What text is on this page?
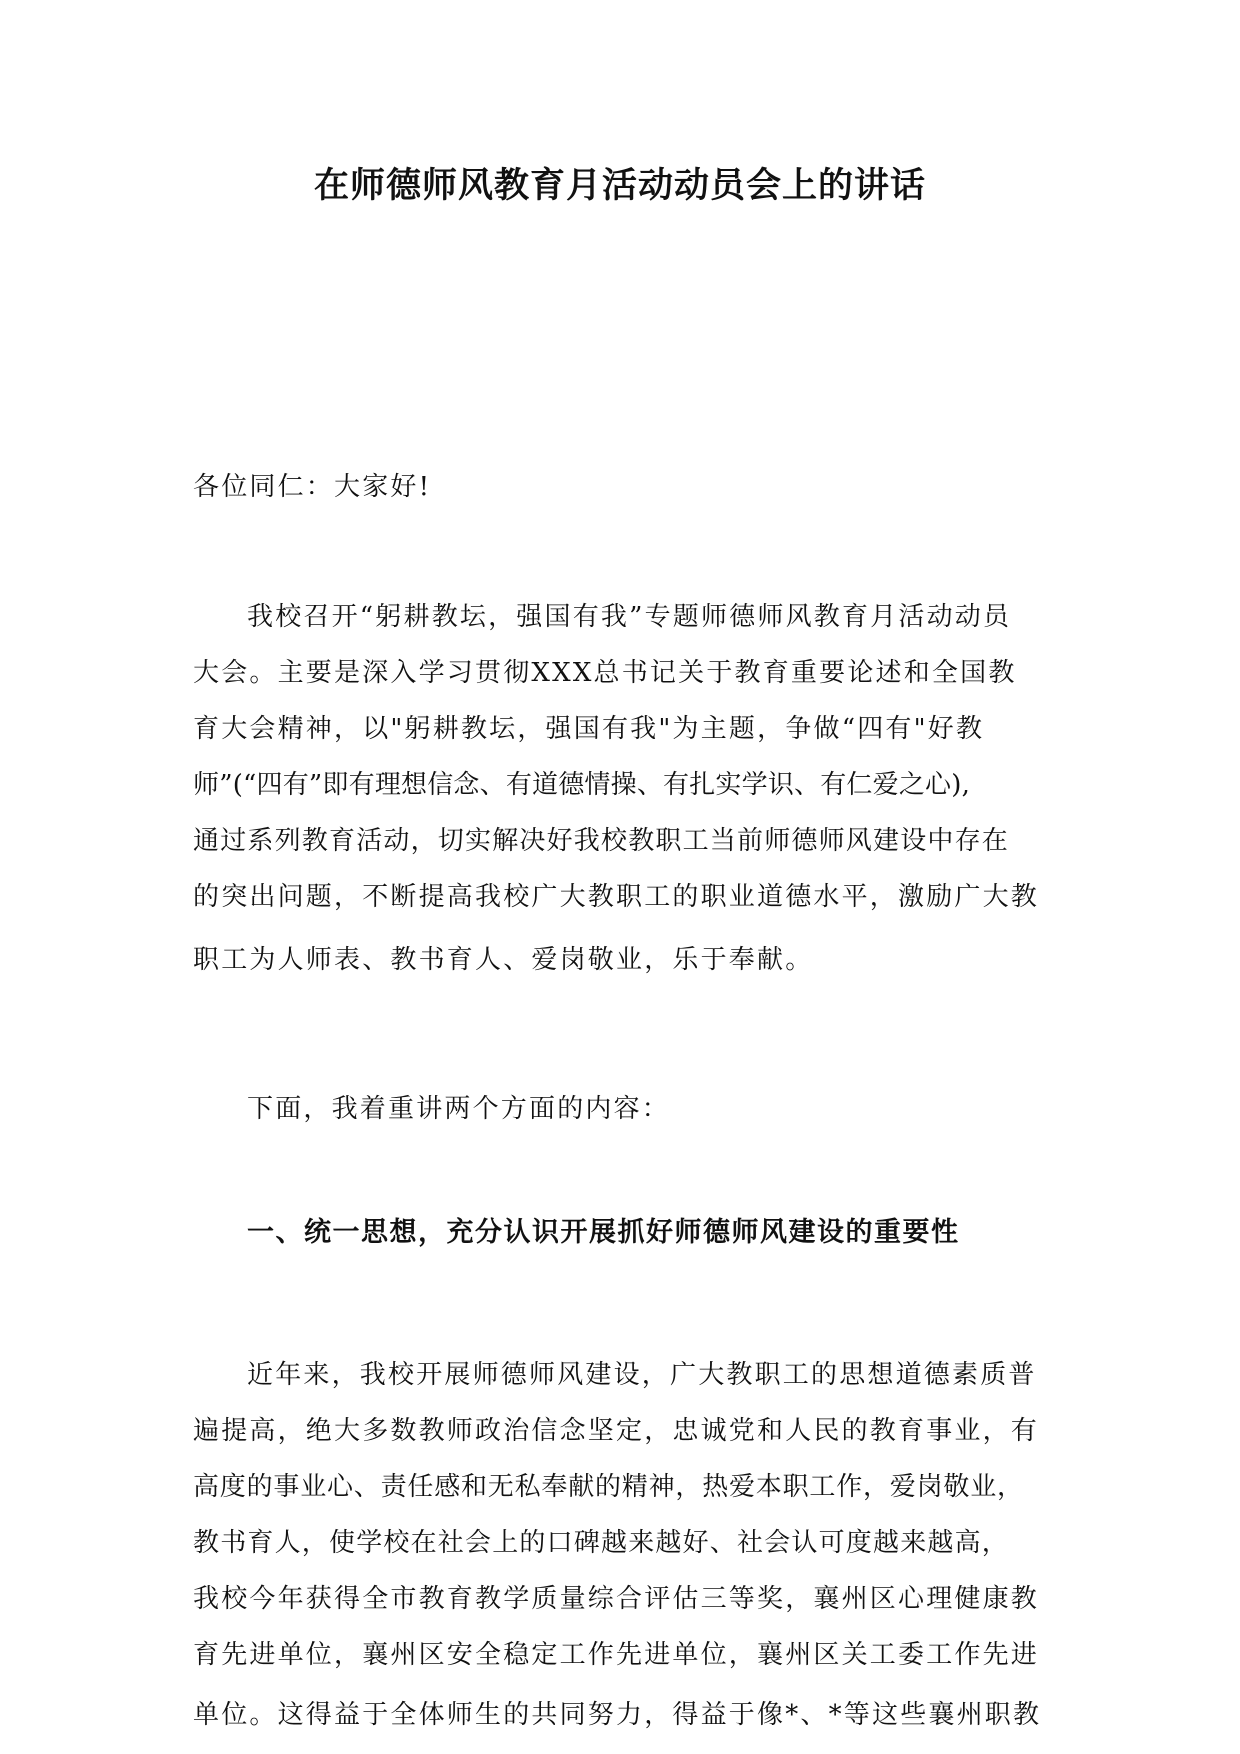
在师德师风教育月活动动员会上的讲话

各位同仁：大家好!

我校召开“躬耕教坛，强国有我”专题师德师风教育月活动动员
大会。主要是深入学习贯彻XXX总书记关于教育重要论述和全国教
育大会精神，以"躬耕教坛，强国有我"为主题，争做“四有"好教
师”(“四有”即有理想信念、有道德情操、有扎实学识、有仁爱之心),
通过系列教育活动，切实解决好我校教职工当前师德师风建设中存在
的突出问题，不断提高我校广大教职工的职业道德水平，激励广大教
职工为人师表、教书育人、爱岗敬业，乐于奉献。

下面，我着重讲两个方面的内容：

一、统一思想，充分认识开展抓好师德师风建设的重要性
近年来，我校开展师德师风建设，广大教职工的思想道德素质普
遍提高，绝大多数教师政治信念坚定，忠诚党和人民的教育事业，有
高度的事业心、责任感和无私奉献的精神，热爱本职工作，爱岗敬业，
教书育人，使学校在社会上的口碑越来越好、社会认可度越来越高，
我校今年获得全市教育教学质量综合评估三等奖，襄州区心理健康教
育先进单位，襄州区安全稳定工作先进单位，襄州区关工委工作先进
单位。这得益于全体师生的共同努力，得益于像*、*等这些襄州职教
